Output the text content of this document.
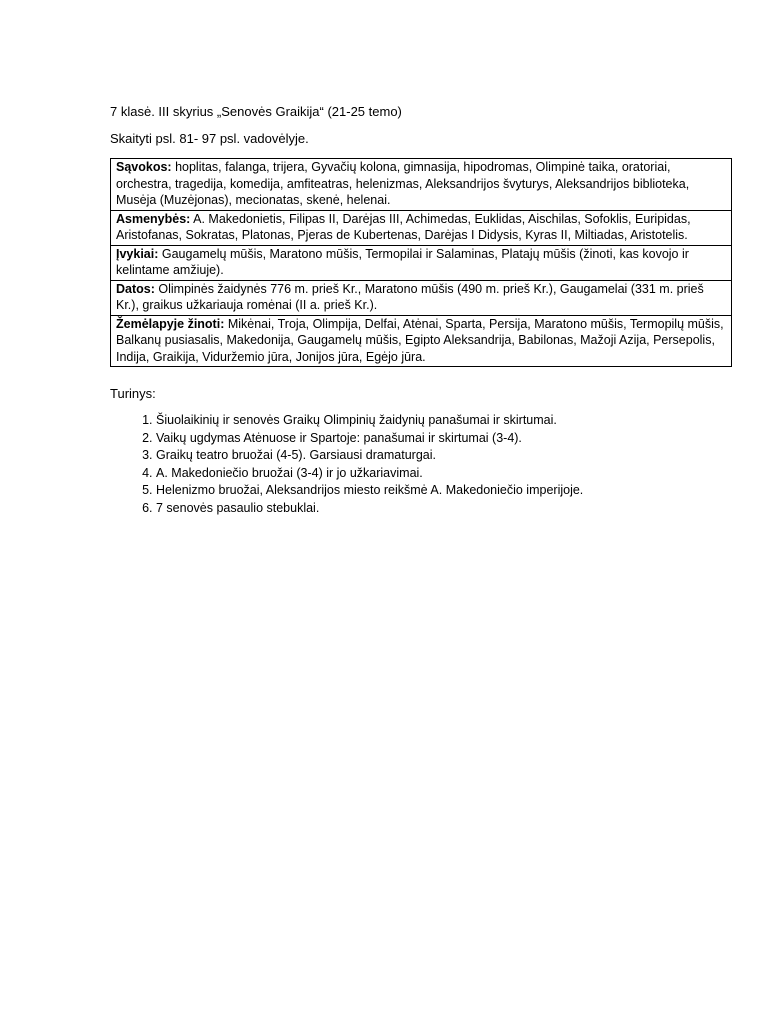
7 klasė. III skyrius „Senovės Graikija“ (21-25 temo)
Skaityti psl. 81- 97 psl. vadovėlyje.
Sąvokos: hoplitas, falanga, trijera, Gyvačių kolona, gimnasija, hipodromas, Olimpinė taika, oratoriai, orchestra, tragedija, komedija, amfiteatras, helenizmas, Aleksandrijos švyturys, Aleksandrijos biblioteka, Musėja (Muzėjonas), mecionatas, skenė, helenai.
Asmenybės: A. Makedonietis, Filipas II, Darėjas III, Achimedas, Euklidas, Aischilas, Sofoklis, Euripidas, Aristofanas, Sokratas, Platonas, Pjeras de Kubertenas, Darėjas I Didysis, Kyras II, Miltiadas, Aristotelis.
Įvykiai: Gaugamelų mūšis, Maratono mūšis, Termopilai ir Salaminas, Platajų mūšis (žinoti, kas kovojo ir kelintame amžiuje).
Datos: Olimpinės žaidynės 776 m. prieš Kr., Maratono mūšis (490 m. prieš Kr.), Gaugamelai (331 m. prieš Kr.), graikus užkariauja romėnai (II a. prieš Kr.).
Žemėlapyje žinoti: Mikėnai, Troja, Olimpija, Delfai, Atėnai, Sparta, Persija, Maratono mūšis, Termopilų mūšis, Balkanų pusiasalis, Makedonija, Gaugamelų mūšis, Egipto Aleksandrija, Babilonas, Mažoji Azija, Persepolis, Indija, Graikija, Viduržemio jūra, Jonijos jūra, Egėjo jūra.
Turinys:
1. Šiuolaikinių ir senovės Graikų Olimpinių žaidynių panašumai ir skirtumai.
2. Vaikų ugdymas Atėnuose ir Spartoje: panašumai ir skirtumai (3-4).
3. Graikų teatro bruožai (4-5). Garsiausi dramaturgai.
4. A. Makedoniečio bruožai (3-4) ir jo užkariavimai.
5. Helenizmo bruožai, Aleksandrijos miesto reikšmė A. Makedoniečio imperijoje.
6. 7 senovės pasaulio stebuklai.
